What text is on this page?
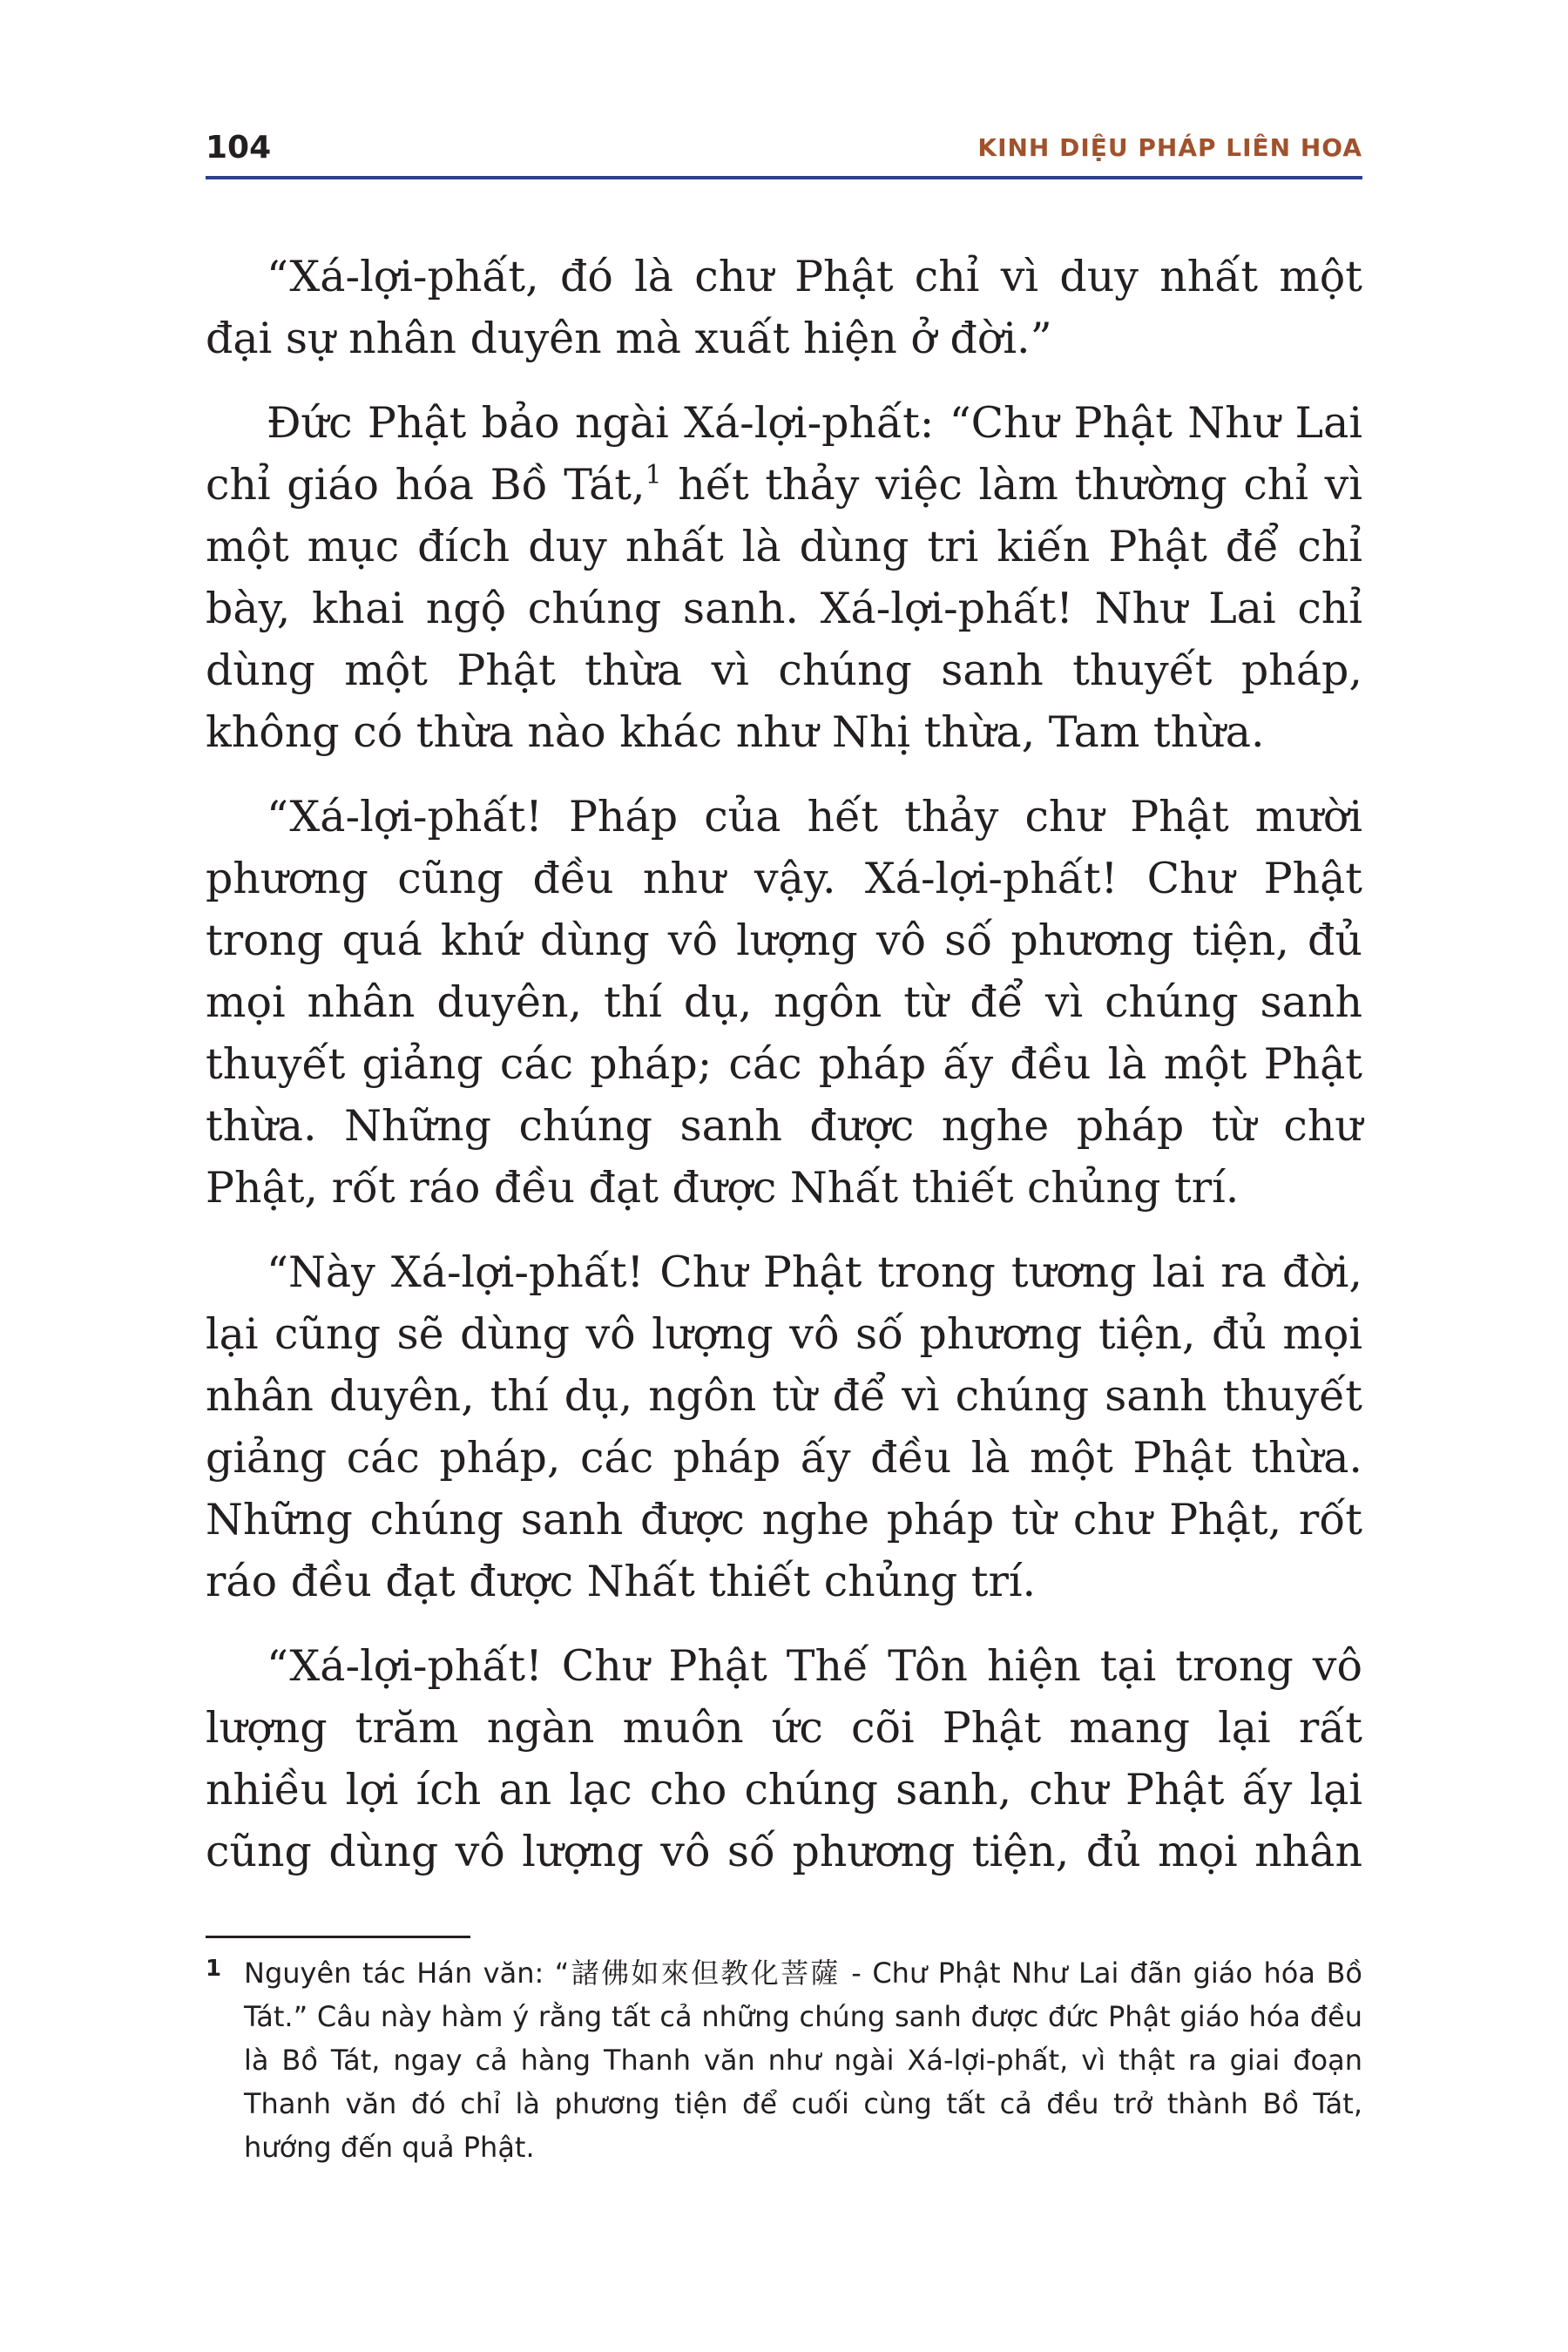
104	KINH DIỆU PHÁP LIÊN HOA

“Xá-lợi-phất, đó là chư Phật chỉ vì duy nhất một đại sự nhân duyên mà xuất hiện ở đời.”

Đức Phật bảo ngài Xá-lợi-phất: “Chư Phật Như Lai chỉ giáo hóa Bồ Tát,$^1$ hết thảy việc làm thường chỉ vì một mục đích duy nhất là dùng tri kiến Phật để chỉ bày, khai ngộ chúng sanh. Xá-lợi-phất! Như Lai chỉ dùng một Phật thừa vì chúng sanh thuyết pháp, không có thừa nào khác như Nhị thừa, Tam thừa.

“Xá-lợi-phất! Pháp của hết thảy chư Phật mười phương cũng đều như vậy. Xá-lợi-phất! Chư Phật trong quá khứ dùng vô lượng vô số phương tiện, đủ mọi nhân duyên, thí dụ, ngôn từ để vì chúng sanh thuyết giảng các pháp; các pháp ấy đều là một Phật thừa. Những chúng sanh được nghe pháp từ chư Phật, rốt ráo đều đạt được Nhất thiết chủng trí.

“Này Xá-lợi-phất! Chư Phật trong tương lai ra đời, lại cũng sẽ dùng vô lượng vô số phương tiện, đủ mọi nhân duyên, thí dụ, ngôn từ để vì chúng sanh thuyết giảng các pháp, các pháp ấy đều là một Phật thừa. Những chúng sanh được nghe pháp từ chư Phật, rốt ráo đều đạt được Nhất thiết chủng trí.

“Xá-lợi-phất! Chư Phật Thế Tôn hiện tại trong vô lượng trăm ngàn muôn ức cõi Phật mang lại rất nhiều lợi ích an lạc cho chúng sanh, chư Phật ấy lại cũng dùng vô lượng vô số phương tiện, đủ mọi nhân

1 Nguyên tác Hán văn: “諸佛如來但教化菩薩 - Chư Phật Như Lai đãn giáo hóa Bồ Tát.” Câu này hàm ý rằng tất cả những chúng sanh được đức Phật giáo hóa đều là Bồ Tát, ngay cả hàng Thanh văn như ngài Xá-lợi-phất, vì thật ra giai đoạn Thanh văn đó chỉ là phương tiện để cuối cùng tất cả đều trở thành Bồ Tát, hướng đến quả Phật.
